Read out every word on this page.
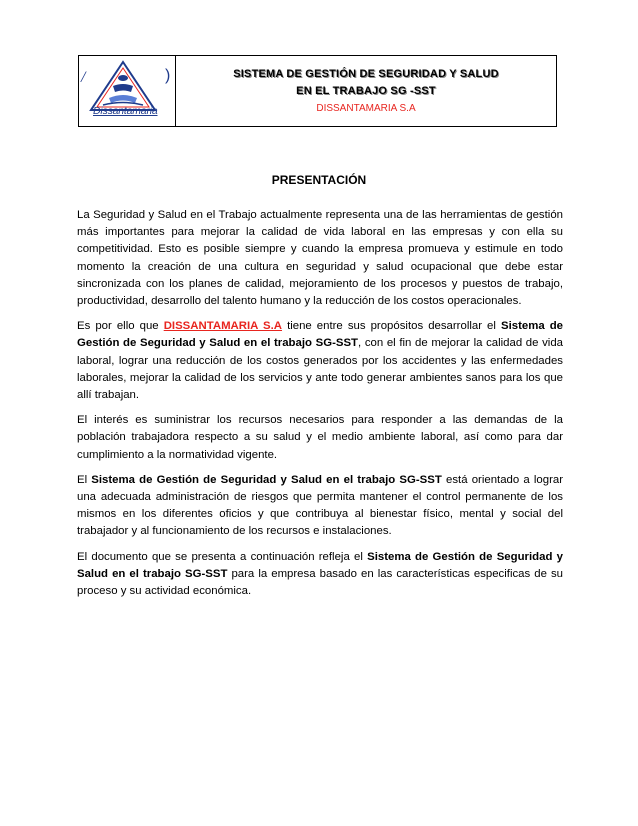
/	)
Dissantamaria
SISTEMA DE GESTIÓN DE SEGURIDAD Y SALUD
EN EL TRABAJO SG -SST
DISSANTAMARIA S.A
PRESENTACIÓN

La Seguridad y Salud en el Trabajo actualmente representa una de las herramientas de gestión más importantes para mejorar la calidad de vida laboral en las empresas y con ella su competitividad. Esto es posible siempre y cuando la empresa promueva y estimule en todo momento la creación de una cultura en seguridad y salud ocupacional que debe estar sincronizada con los planes de calidad, mejoramiento de los procesos y puestos de trabajo, productividad, desarrollo del talento humano y la reducción de los costos operacionales.

Es por ello que DISSANTAMARIA S.A tiene entre sus propósitos desarrollar el Sistema de Gestión de Seguridad y Salud en el trabajo SG-SST, con el fin de mejorar la calidad de vida laboral, lograr una reducción de los costos generados por los accidentes y las enfermedades laborales, mejorar la calidad de los servicios y ante todo generar ambientes sanos para los que allí trabajan.

El interés es suministrar los recursos necesarios para responder a las demandas de la población trabajadora respecto a su salud y el medio ambiente laboral, así como para dar cumplimiento a la normatividad vigente.

El Sistema de Gestión de Seguridad y Salud en el trabajo SG-SST está orientado a lograr una adecuada administración de riesgos que permita mantener el control permanente de los mismos en los diferentes oficios y que contribuya al bienestar físico, mental y social del trabajador y al funcionamiento de los recursos e instalaciones.

El documento que se presenta a continuación refleja el Sistema de Gestión de Seguridad y Salud en el trabajo SG-SST para la empresa basado en las características especificas de su proceso y su actividad económica.
